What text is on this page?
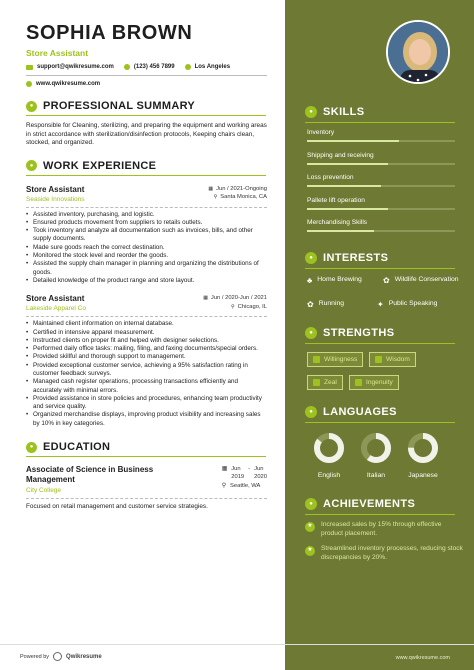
SOPHIA BROWN
Store Assistant
support@qwikresume.com	(123) 456 7899	Los Angeles
www.qwikresume.com
● PROFESSIONAL SUMMARY
Responsible for Cleaning, sterilizing, and preparing the equipment and working areas in strict accordance with sterilization/disinfection protocols, Keeping chairs clean, stocked, and organized.
● WORK EXPERIENCE
Store Assistant
Seaside Innovations
▦ Jun / 2021-Ongoing
⚲ Santa Monica, CA
• Assisted inventory, purchasing, and logistic.
• Ensured products movement from suppliers to retails outlets.
• Took inventory and analyze all documentation such as invoices, bills, and other supply documents.
• Made sure goods reach the correct destination.
• Monitored the stock level and reorder the goods.
• Assisted the supply chain manager in planning and organizing the distributions of goods.
• Detailed knowledge of the product range and store layout.
Store Assistant
Lakeside Apparel Co
▦ Jun / 2020-Jun / 2021
⚲ Chicago, IL
• Maintained client information on internal database.
• Certified in intensive apparel measurement.
• Instructed clients on proper fit and helped with designer selections.
• Performed daily office tasks: mailing, filing, and faxing documents/special orders.
• Provided skillful and thorough support to management.
• Provided exceptional customer service, achieving a 95% satisfaction rating in customer feedback surveys.
• Managed cash register operations, processing transactions efficiently and accurately with minimal errors.
• Provided assistance in store policies and procedures, enhancing team productivity and service quality.
• Organized merchandise displays, improving product visibility and increasing sales by 10% in key categories.
● EDUCATION
Associate of Science in Business Management
City College
▦ Jun
2019
- Jun
2020
⚲ Seattle, WA
Focused on retail management and customer service strategies.
● SKILLS
Inventory
Shipping and receiving
Loss prevention
Pallete lift operation
Merchandising Skills
● INTERESTS
♣ Home Brewing	✿ Wildlife Conservation
✿ Running	✦ Public Speaking
● STRENGTHS
Willingness	Wisdom
Zeal	Ingenuity
● LANGUAGES
English	Italian	Japanese
● ACHIEVEMENTS
★	Increased sales by 15% through effective product placement.
★	Streamlined inventory processes, reducing stock discrepancies by 20%.
Powered by	Qwikresume	www.qwikresume.com
